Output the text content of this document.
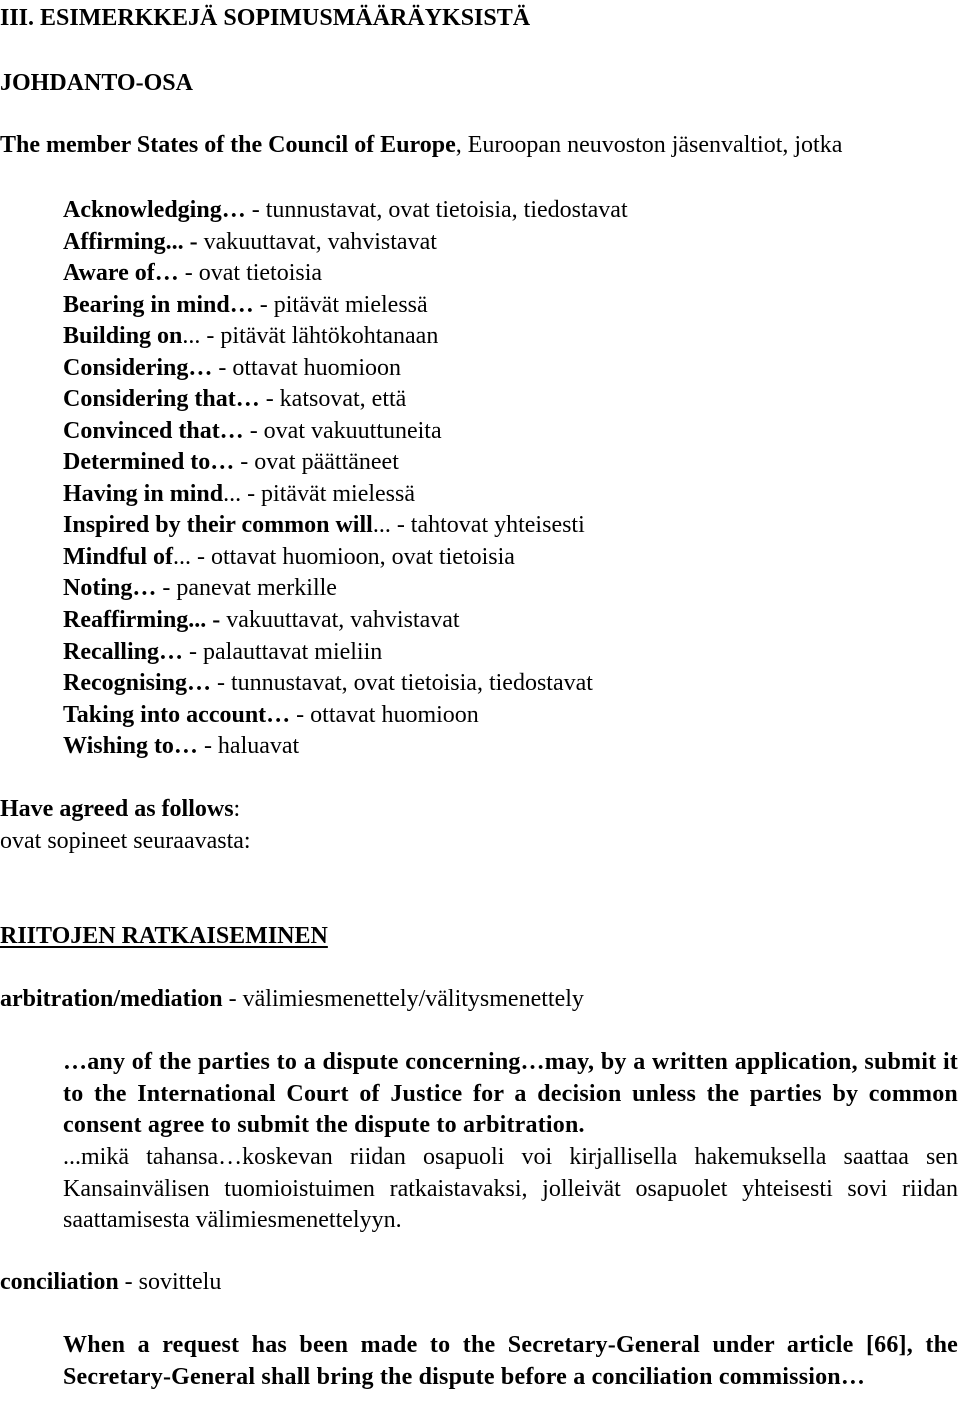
III. ESIMERKKEJÄ SOPIMUSMÄÄRÄYKSISTÄ
JOHDANTO-OSA
The member States of the Council of Europe, Euroopan neuvoston jäsenvaltiot, jotka
Acknowledging… - tunnustavat, ovat tietoisia, tiedostavat
Affirming... - vakuuttavat, vahvistavat
Aware of… - ovat tietoisia
Bearing in mind… - pitävät mielessä
Building on... - pitävät lähtökohtanaan
Considering… - ottavat huomioon
Considering that… - katsovat, että
Convinced that… - ovat vakuuttuneita
Determined to… - ovat päättäneet
Having in mind... - pitävät mielessä
Inspired by their common will... - tahtovat yhteisesti
Mindful of... - ottavat huomioon, ovat tietoisia
Noting… - panevat merkille
Reaffirming... - vakuuttavat, vahvistavat
Recalling… - palauttavat mieliin
Recognising… - tunnustavat, ovat tietoisia, tiedostavat
Taking into account… - ottavat huomioon
Wishing to… - haluavat
Have agreed as follows:
ovat sopineet seuraavasta:
RIITOJEN RATKAISEMINEN
arbitration/mediation - välimiesmenettely/välitysmenettely
…any of the parties to a dispute concerning…may, by a written application, submit it to the International Court of Justice for a decision unless the parties by common consent agree to submit the dispute to arbitration.
...mikä tahansa…koskevan riidan osapuoli voi kirjallisella hakemuksella saattaa sen Kansainvälisen tuomioistuimen ratkaistavaksi, jolleivät osapuolet yhteisesti sovi riidan saattamisesta välimiesmenettelyyn.
conciliation - sovittelu
When a request has been made to the Secretary-General under article [66], the Secretary-General shall bring the dispute before a conciliation commission…
